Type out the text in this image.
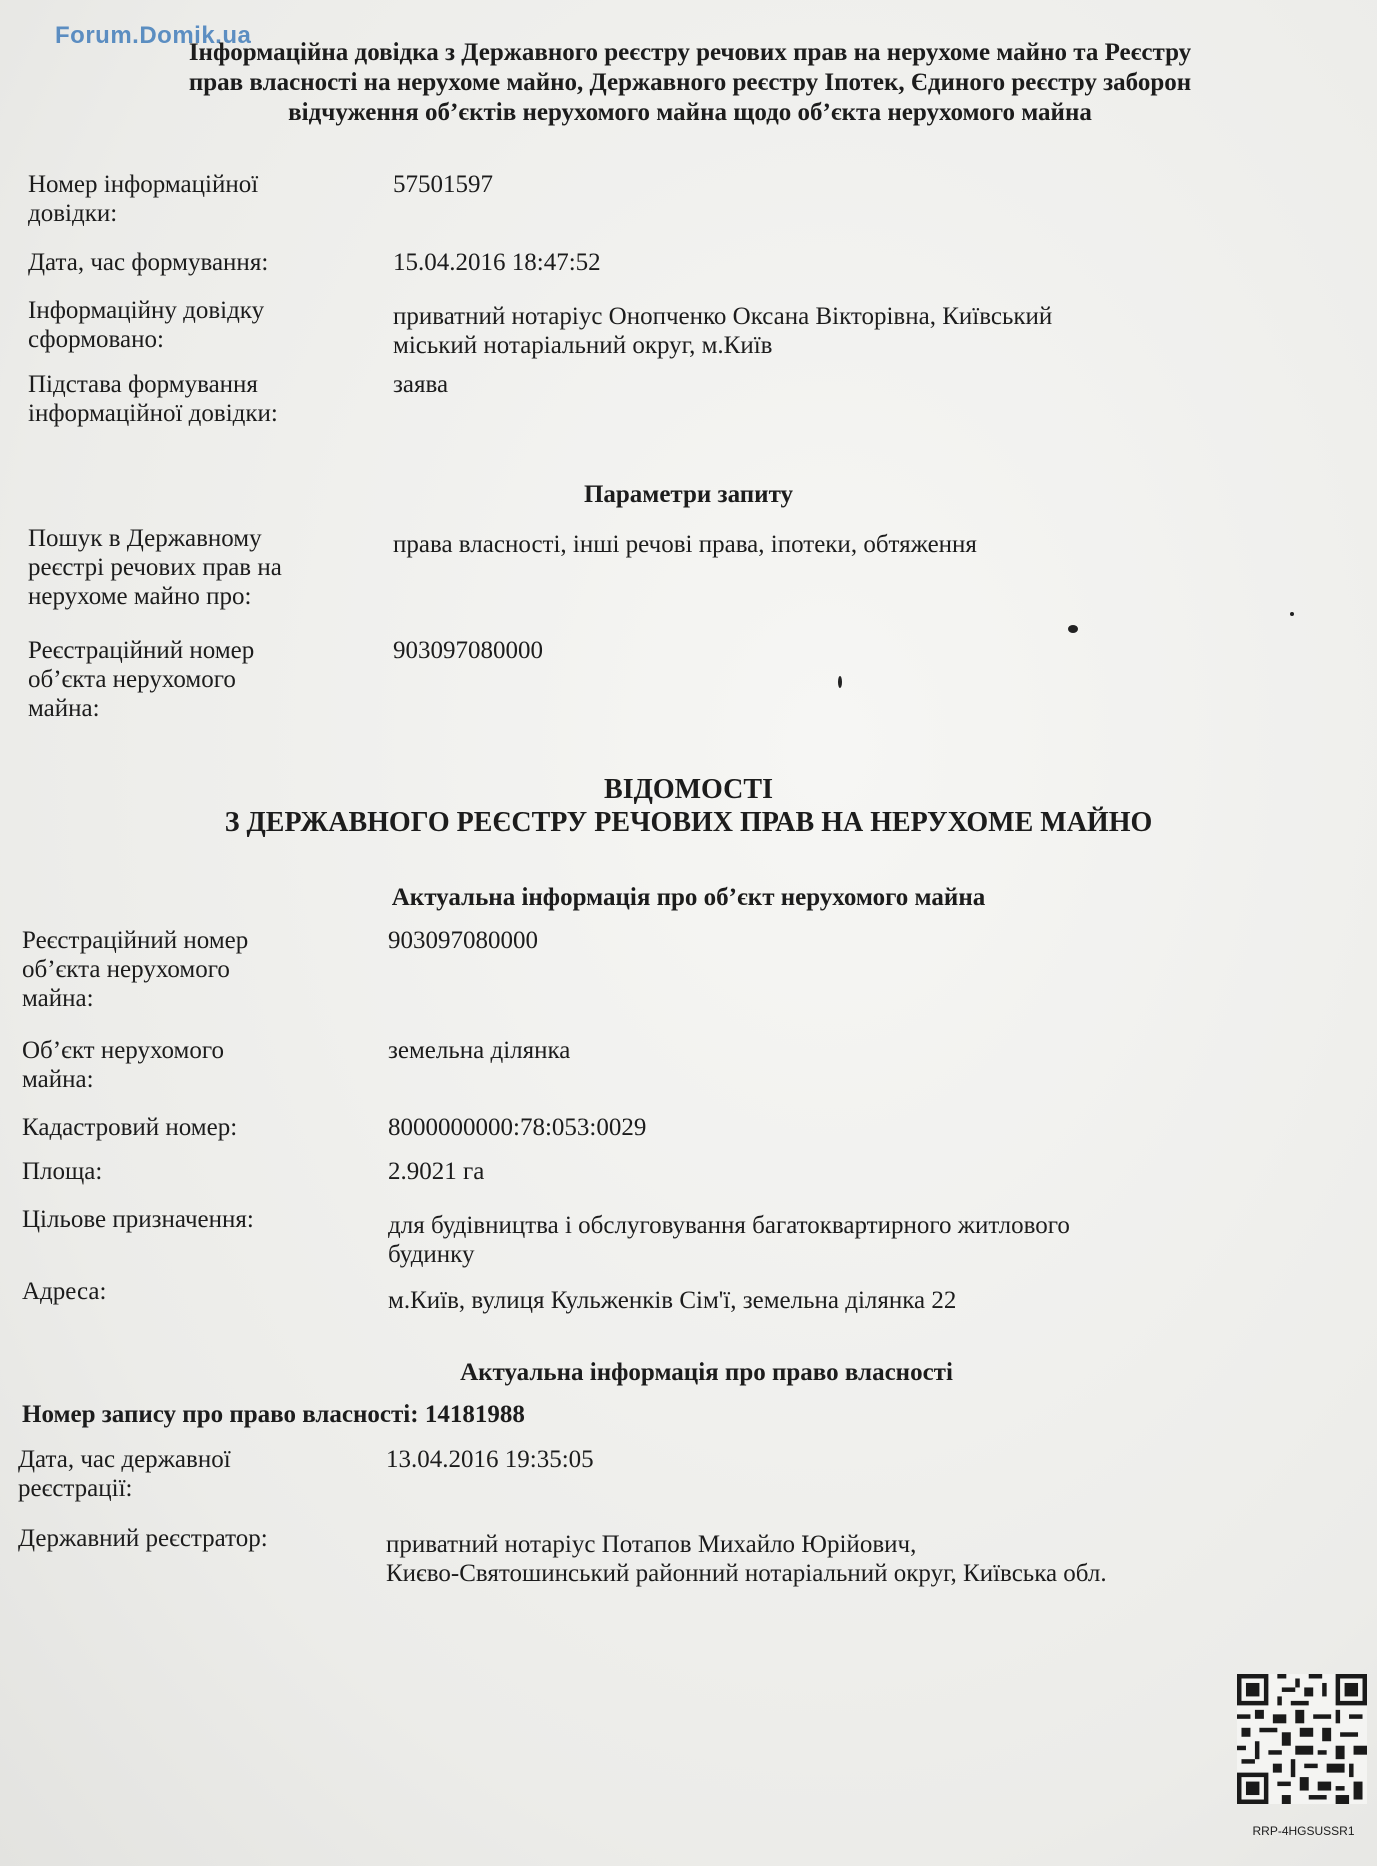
Forum.Domik.ua
Інформаційна довідка з Державного реєстру речових прав на нерухоме майно та Реєстру
прав власності на нерухоме майно, Державного реєстру Іпотек, Єдиного реєстру заборон
відчуження об’єктів нерухомого майна щодо об’єкта нерухомого майна
Номер інформаційної
довідки:
57501597
Дата, час формування:	15.04.2016 18:47:52
Інформаційну довідку
сформовано:
приватний нотаріус Онопченко Оксана Вікторівна, Київський
міський нотаріальний округ, м.Київ
Підстава формування
інформаційної довідки:
заява
Параметри запиту
Пошук в Державному
реєстрі речових прав на
нерухоме майно про:
права власності, інші речові права, іпотеки, обтяження
Реєстраційний номер
об’єкта нерухомого
майна:
903097080000
ВІДОМОСТІ
З ДЕРЖАВНОГО РЕЄСТРУ РЕЧОВИХ ПРАВ НА НЕРУХОМЕ МАЙНО
Актуальна інформація про об’єкт нерухомого майна
Реєстраційний номер
об’єкта нерухомого
майна:
903097080000
Об’єкт нерухомого
майна:
земельна ділянка
Кадастровий номер:	8000000000:78:053:0029
Площа:	2.9021 га
Цільове призначення:	для будівництва і обслуговування багатоквартирного житлового
будинку
Адреса:	м.Київ, вулиця Кульженків Сім'ї, земельна ділянка 22
Актуальна інформація про право власності
Номер запису про право власності: 14181988
Дата, час державної
реєстрації:
13.04.2016 19:35:05
Державний реєстратор:	приватний нотаріус Потапов Михайло Юрійович,
Києво-Святошинський районний нотаріальний округ, Київська обл.
RRP-4HGSUSSR1
